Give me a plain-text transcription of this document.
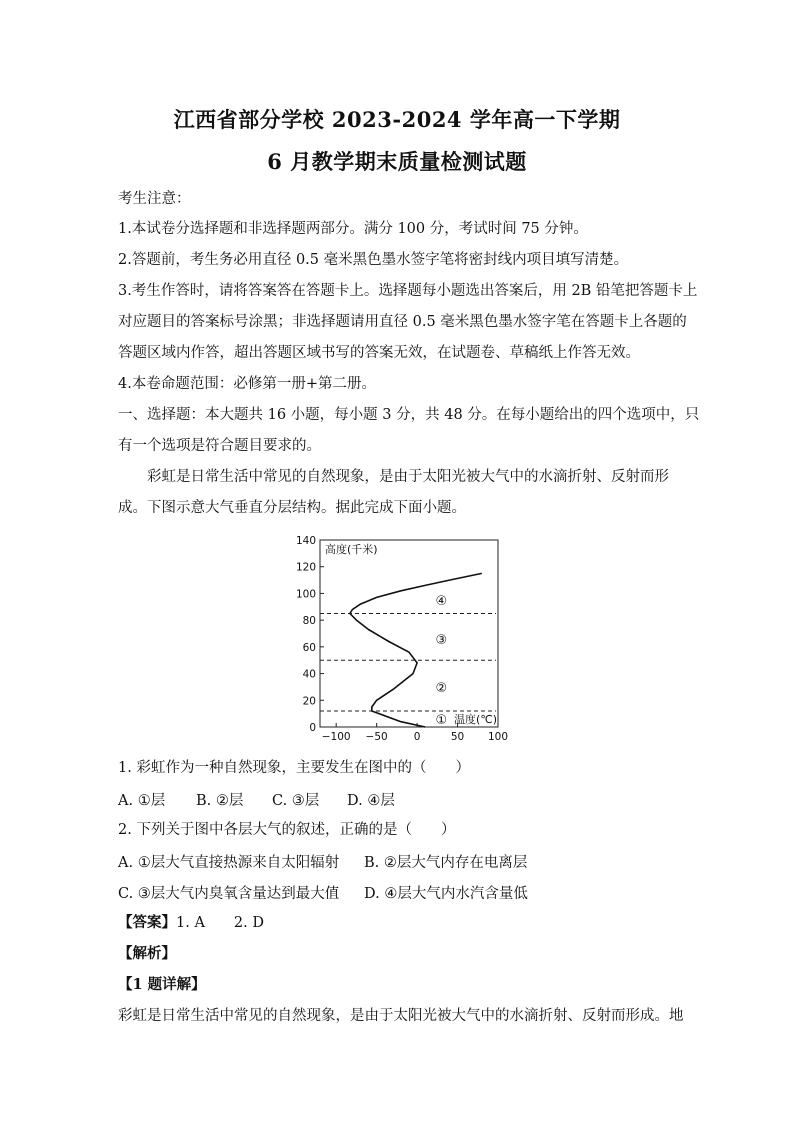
江西省部分学校 2023-2024 学年高一下学期
6 月教学期末质量检测试题
考生注意：
1.本试卷分选择题和非选择题两部分。满分 100 分，考试时间 75 分钟。
2.答题前，考生务必用直径 0.5 毫米黑色墨水签字笔将密封线内项目填写清楚。
3.考生作答时，请将答案答在答题卡上。选择题每小题选出答案后，用 2B 铅笔把答题卡上
对应题目的答案标号涂黑；非选择题请用直径 0.5 毫米黑色墨水签字笔在答题卡上各题的
答题区域内作答，超出答题区域书写的答案无效，在试题卷、草稿纸上作答无效。
4.本卷命题范围：必修第一册+第二册。
一、选择题：本大题共 16 小题，每小题 3 分，共 48 分。在每小题给出的四个选项中，只
有一个选项是符合题目要求的。
彩虹是日常生活中常见的自然现象，是由于太阳光被大气中的水滴折射、反射而形
成。下图示意大气垂直分层结构。据此完成下面小题。
0
20
40
60
80
100
120
140
−100 −50 0	50 100
高度(千米)
温度(℃)
①
②
③
④
1. 彩虹作为一种自然现象，主要发生在图中的（　　）
A. ①层 B. ②层 C. ③层 D. ④层
2. 下列关于图中各层大气的叙述，正确的是（　　）
A. ①层大气直接热源来自太阳辐射 B. ②层大气内存在电离层
C. ③层大气内臭氧含量达到最大值 D. ④层大气内水汽含量低
【答案】1. A　　2. D
【解析】
【1 题详解】
彩虹是日常生活中常见的自然现象，是由于太阳光被大气中的水滴折射、反射而形成。地
